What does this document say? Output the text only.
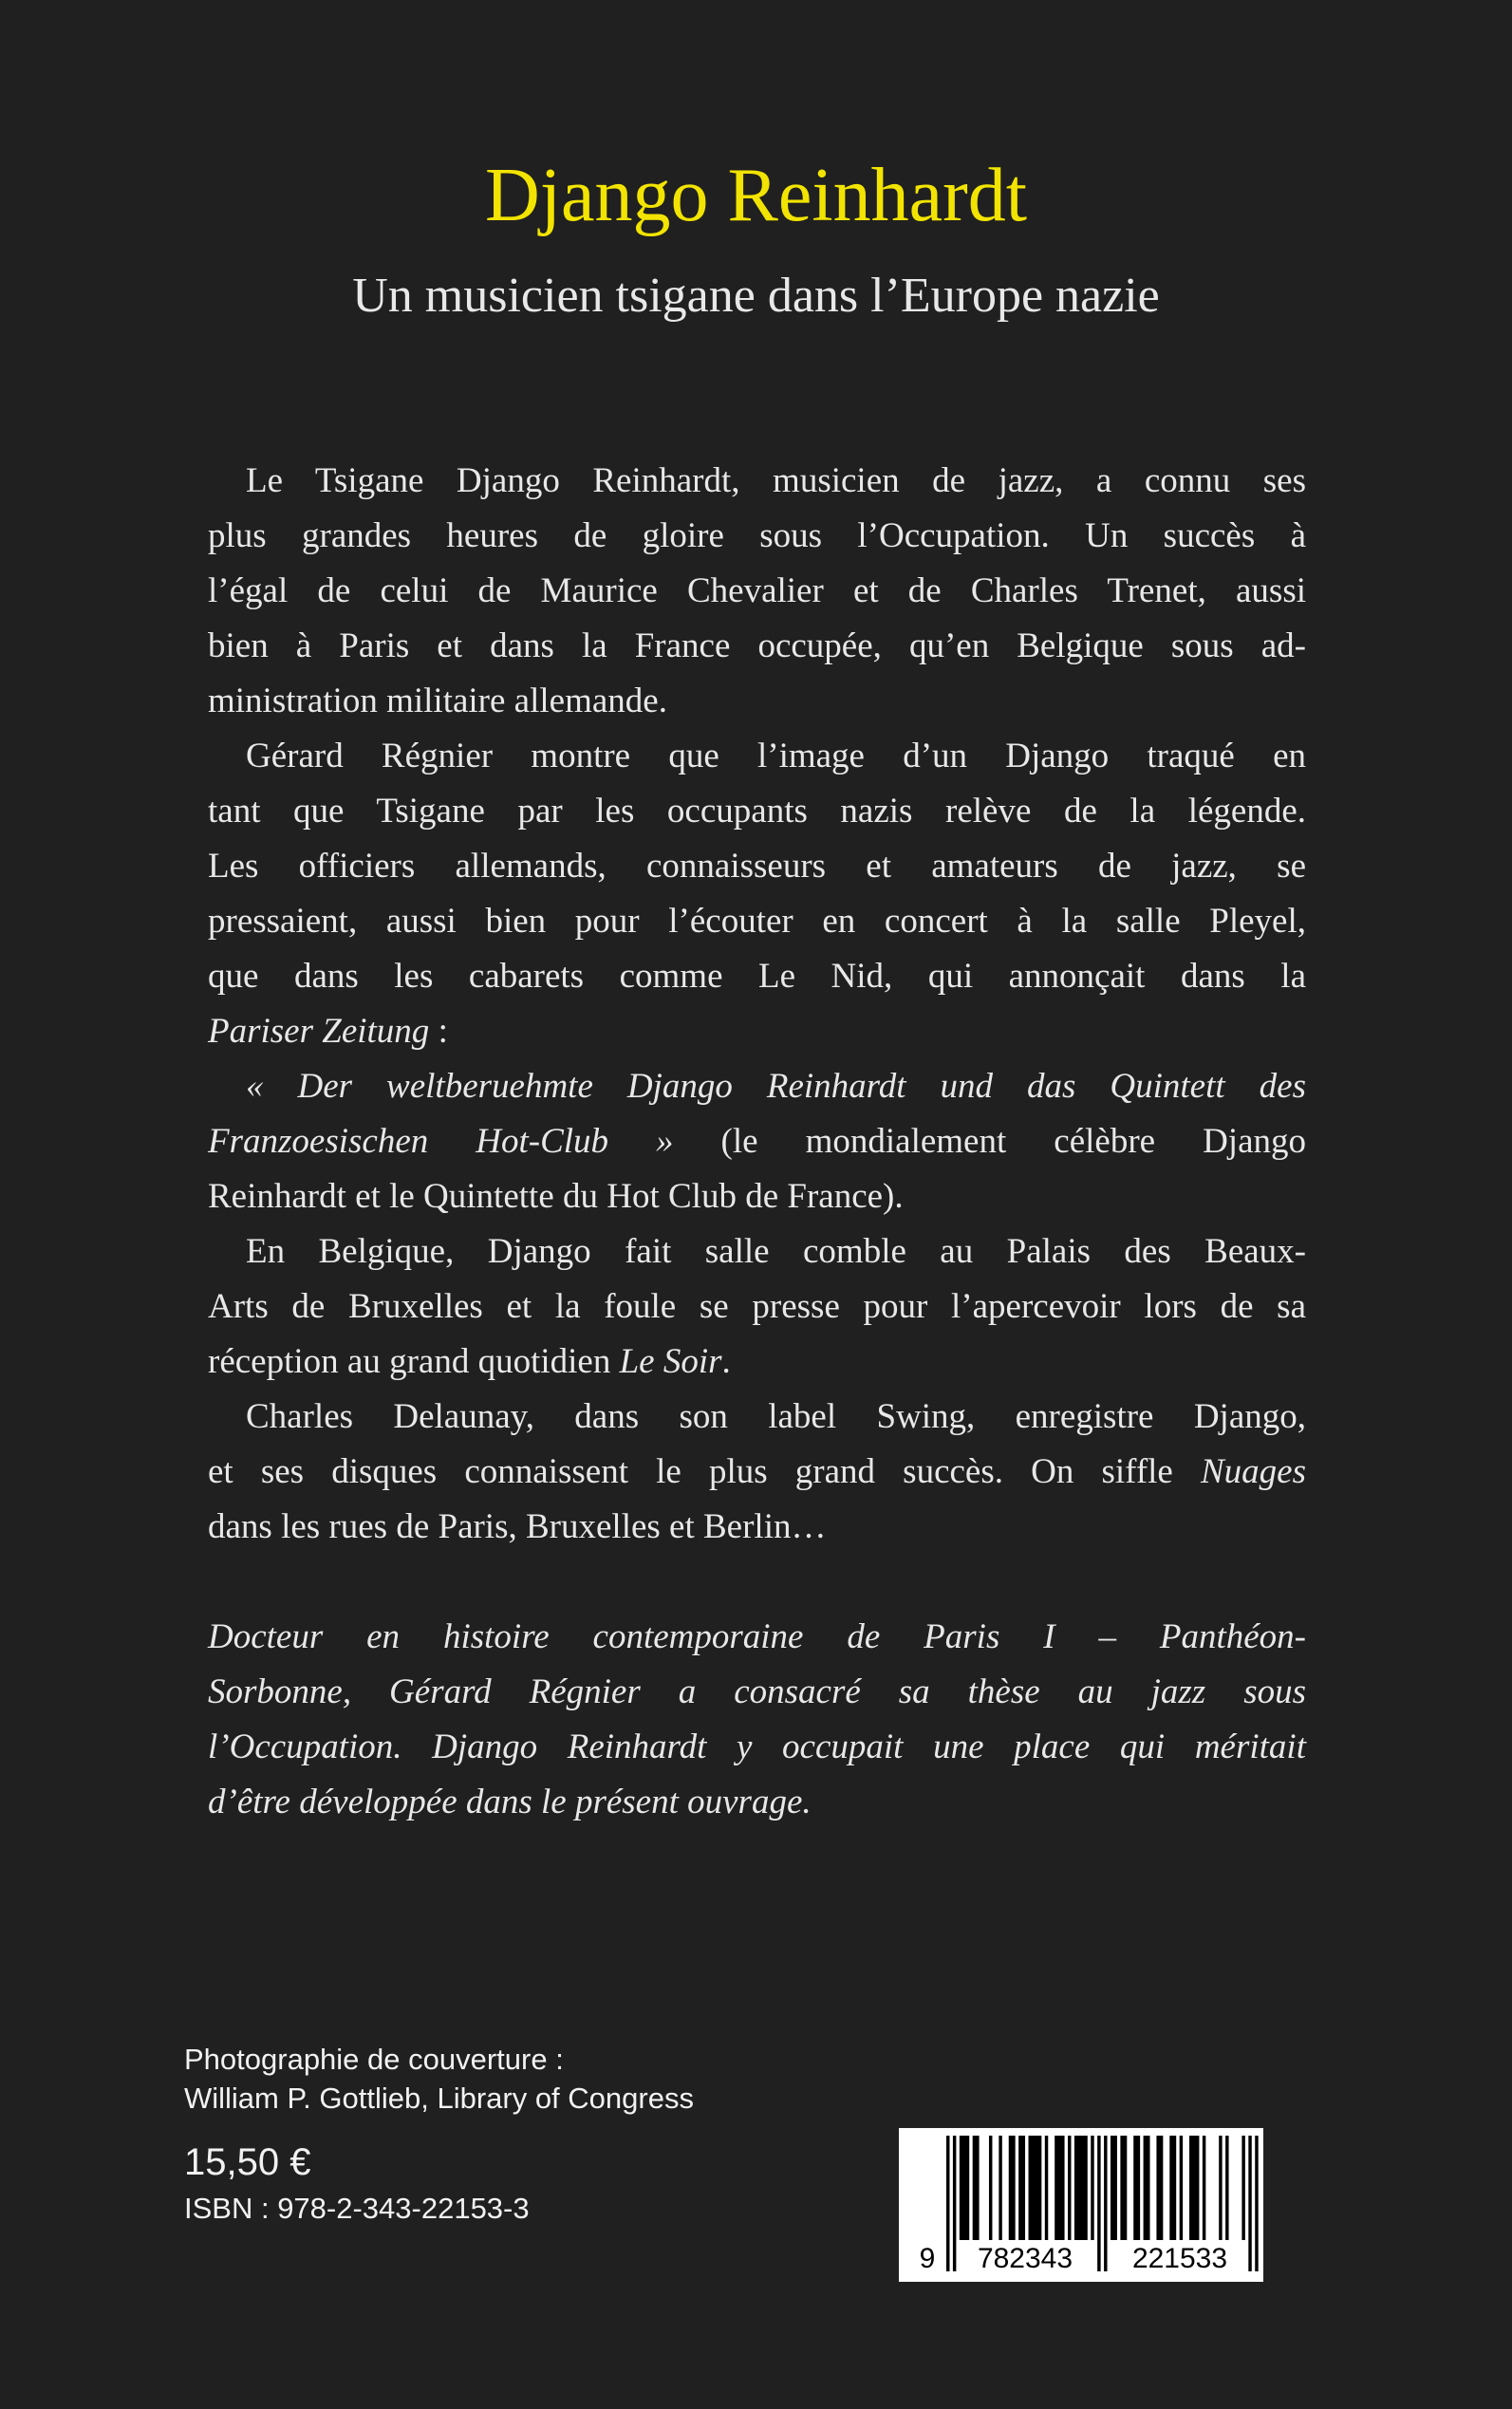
Django Reinhardt
Un musicien tsigane dans l’Europe nazie
Le Tsigane Django Reinhardt, musicien de jazz, a connu ses
plus grandes heures de gloire sous l’Occupation. Un succès à
l’égal de celui de Maurice Chevalier et de Charles Trenet, aussi
bien à Paris et dans la France occupée, qu’en Belgique sous ad-
ministration militaire allemande.
Gérard Régnier montre que l’image d’un Django traqué en
tant que Tsigane par les occupants nazis relève de la légende.
Les officiers allemands, connaisseurs et amateurs de jazz, se
pressaient, aussi bien pour l’écouter en concert à la salle Pleyel,
que dans les cabarets comme Le Nid, qui annonçait dans la
Pariser Zeitung :
« Der weltberuehmte Django Reinhardt und das Quintett des
Franzoesischen Hot-Club » (le mondialement célèbre Django
Reinhardt et le Quintette du Hot Club de France).
En Belgique, Django fait salle comble au Palais des Beaux-
Arts de Bruxelles et la foule se presse pour l’apercevoir lors de sa
réception au grand quotidien Le Soir.
Charles Delaunay, dans son label Swing, enregistre Django,
et ses disques connaissent le plus grand succès. On siffle Nuages
dans les rues de Paris, Bruxelles et Berlin…
Docteur en histoire contemporaine de Paris I – Panthéon-
Sorbonne, Gérard Régnier a consacré sa thèse au jazz sous
l’Occupation. Django Reinhardt y occupait une place qui méritait
d’être développée dans le présent ouvrage.
Photographie de couverture :
William P. Gottlieb, Library of Congress
15,50 €
ISBN : 978-2-343-22153-3
9 782343 221533
